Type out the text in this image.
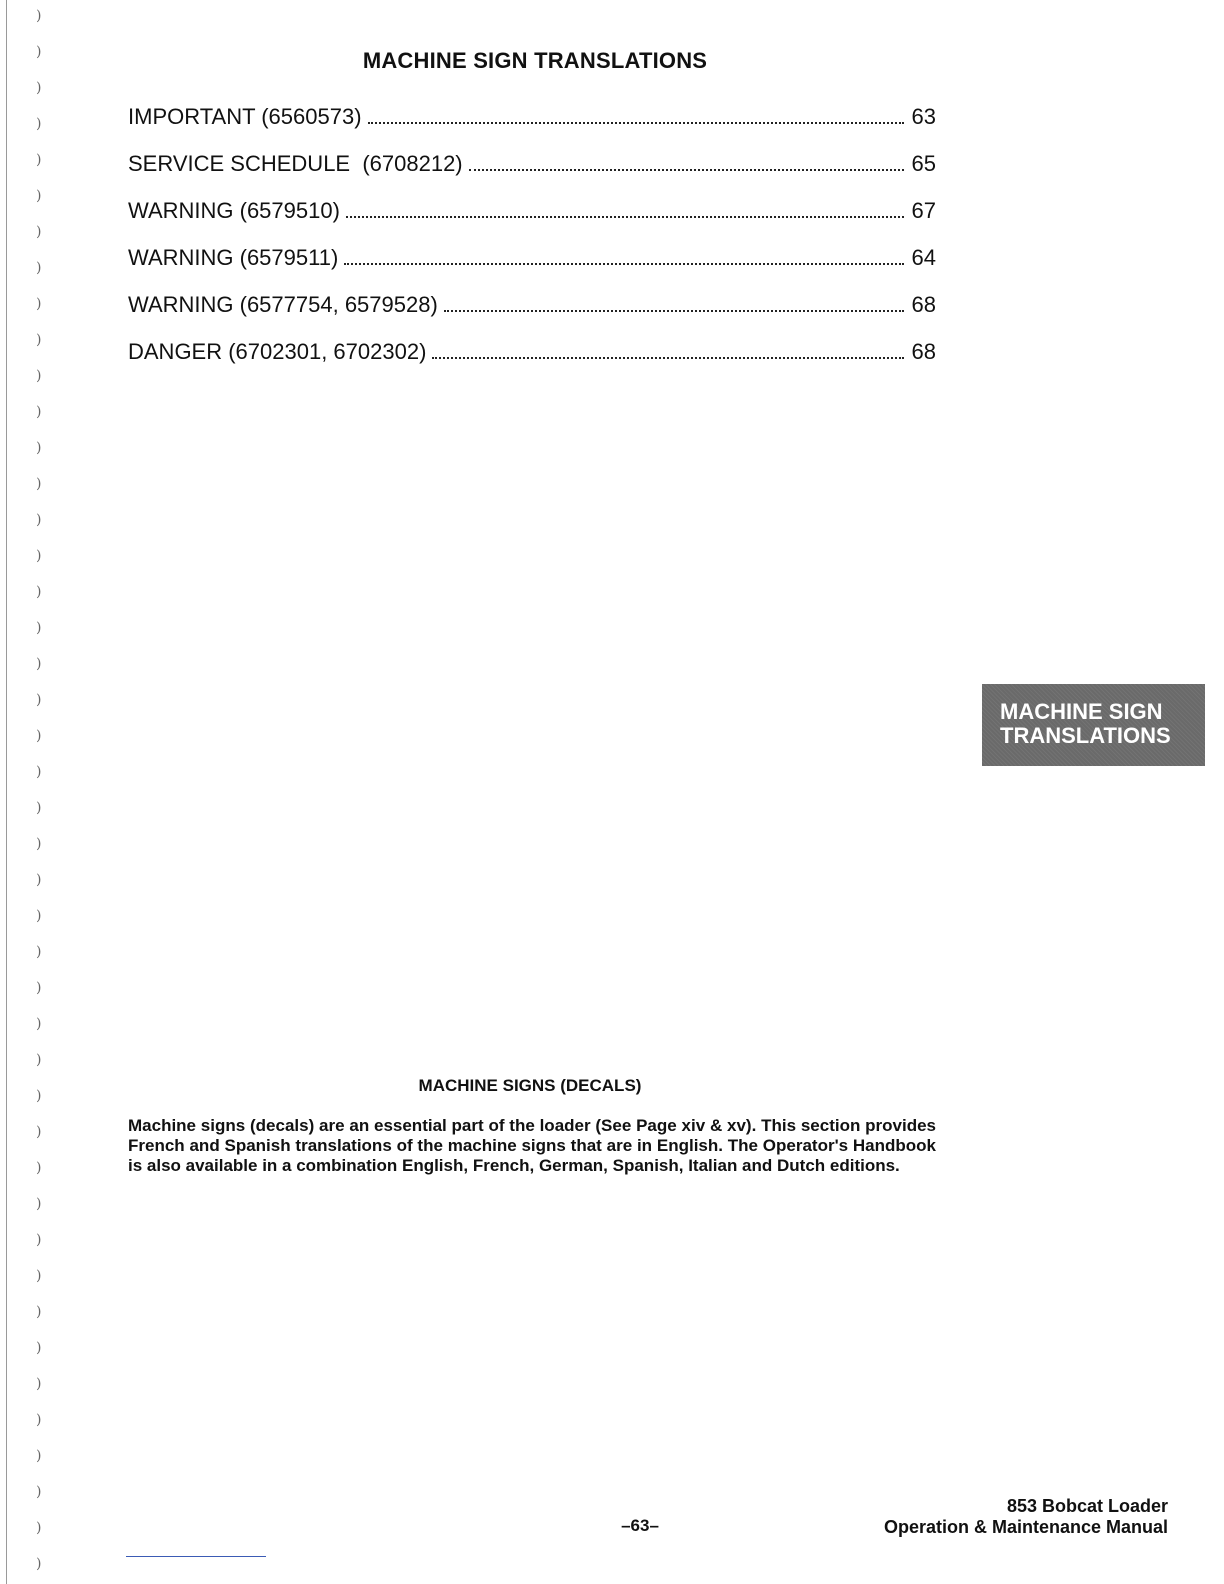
)
)
)
)
)
)
)
)
)
)
)
)
)
)
)
)
)
)
)
)
)
)
)
)
)
)
)
)
)
)
)
)
)
)
)
)
)
)
)
)
)
)
)
)
MACHINE SIGN TRANSLATIONS
IMPORTANT (6560573)	63
SERVICE SCHEDULE  (6708212)	65
WARNING (6579510)	67
WARNING (6579511)	64
WARNING (6577754, 6579528)	68
DANGER (6702301, 6702302)	68
MACHINE SIGN
TRANSLATIONS
MACHINE SIGNS (DECALS)
Machine signs (decals) are an essential part of the loader (See Page xiv & xv). This section provides French and Spanish translations of the machine signs that are in English. The Operator's Handbook is also available in a combination English, French, German, Spanish, Italian and Dutch editions.
–63–
853 Bobcat Loader
Operation & Maintenance Manual
